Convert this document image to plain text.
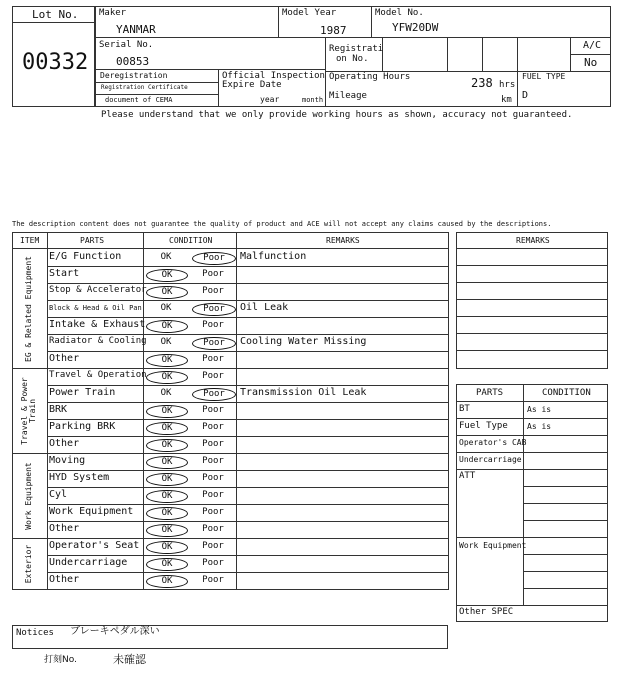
Lot No.
00332
Maker
YANMAR
Model Year
1987
Model No.
YFW20DW
Serial No.
00853
Registrati
on No.
A/C
No
Deregistration
Registration Certificate
document of CEMA
Official Inspection
Expire Date
year	month
Operating Hours	238 hrs
Mileage	km
FUEL TYPE
D
Please understand that we only provide working hours as shown, accuracy not guaranteed.
The description content does not guarantee the quality of product and ACE will not accept any claims caused by the descriptions.
ITEM	PARTS	CONDITION	REMARKS
EG & Related Equipment E/G Function	OK	Poor	Malfunction
Start	OK	Poor
Stop & Accelerator	OK	Poor
Block & Head & Oil Pan	OK	Poor	Oil Leak
Intake & Exhaust	OK	Poor
Radiator & Cooling	OK	Poor	Cooling Water Missing
Other	OK	Poor
Travel & Power Train
Travel & Operation	OK	Poor
Power Train	OK	Poor	Transmission Oil Leak
BRK	OK	Poor
Parking BRK	OK	Poor
Other	OK	Poor
Work Equipment
Moving	OK	Poor
HYD System	OK	Poor
Cyl	OK	Poor
Work Equipment	OK	Poor
Other	OK	Poor
Exterior Operator's Seat	OK	Poor
Undercarriage	OK	Poor
Other	OK	Poor
REMARKS
PARTS	CONDITION
BT	As is
Fuel Type As is
Operator's CAB
Undercarriage
ATT
Work Equipment
Other SPEC
Notices ブレーキペダル深い
打刻No.	未確認
